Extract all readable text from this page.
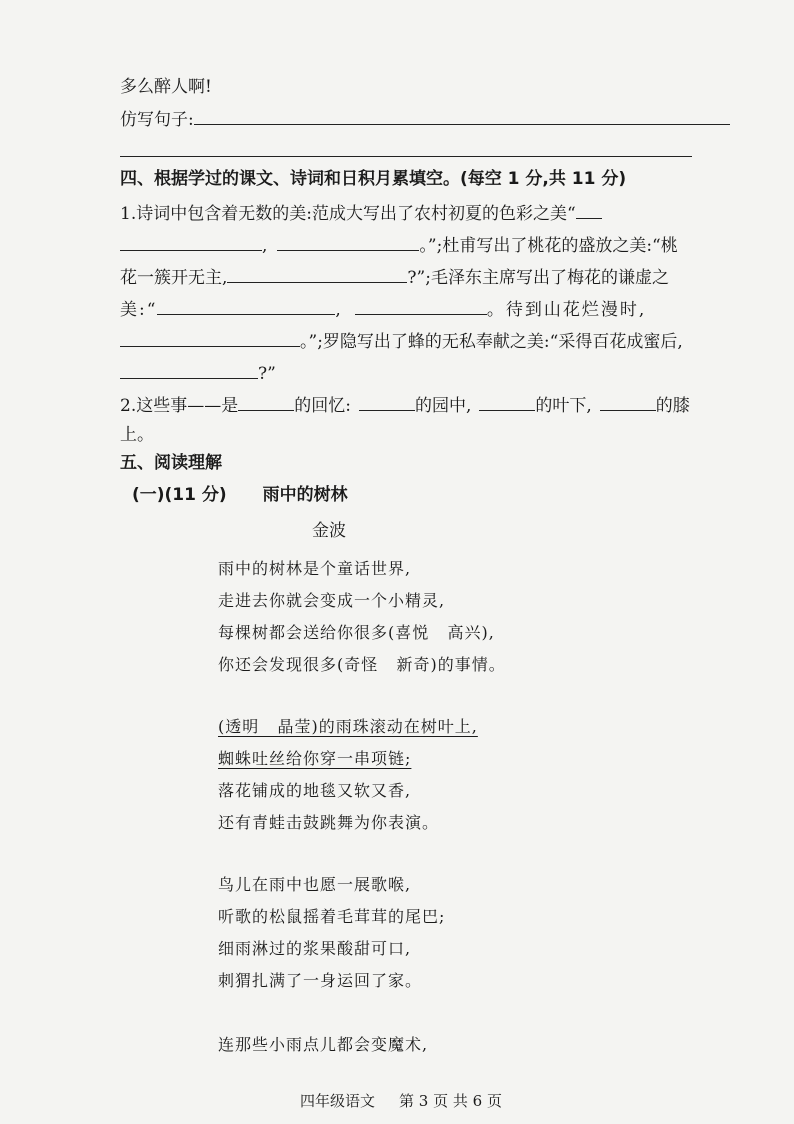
多么醉人啊!
仿写句子:
四、根据学过的课文、诗词和日积月累填空。(每空 1 分,共 11 分)
1.诗词中包含着无数的美:范成大写出了农村初夏的色彩之美“
,	。”;杜甫写出了桃花的盛放之美:“桃
花一簇开无主,	?”;毛泽东主席写出了梅花的谦虚之
美:“	,	。待到山花烂漫时,
。”;罗隐写出了蜂的无私奉献之美:“采得百花成蜜后,
?”
2.这些事——是	的回忆:	的园中,	的叶下,	的膝
上。
五、阅读理解
(一)(11 分) 雨中的树林
金波
雨中的树林是个童话世界,
走进去你就会变成一个小精灵,
每棵树都会送给你很多(喜悦   高兴),
你还会发现很多(奇怪   新奇)的事情。
(透明   晶莹)的雨珠滚动在树叶上,
蜘蛛吐丝给你穿一串项链;
落花铺成的地毯又软又香,
还有青蛙击鼓跳舞为你表演。
鸟儿在雨中也愿一展歌喉,
听歌的松鼠摇着毛茸茸的尾巴;
细雨淋过的浆果酸甜可口,
刺猬扎满了一身运回了家。
连那些小雨点儿都会变魔术,
四年级语文 第 3 页 共 6 页
